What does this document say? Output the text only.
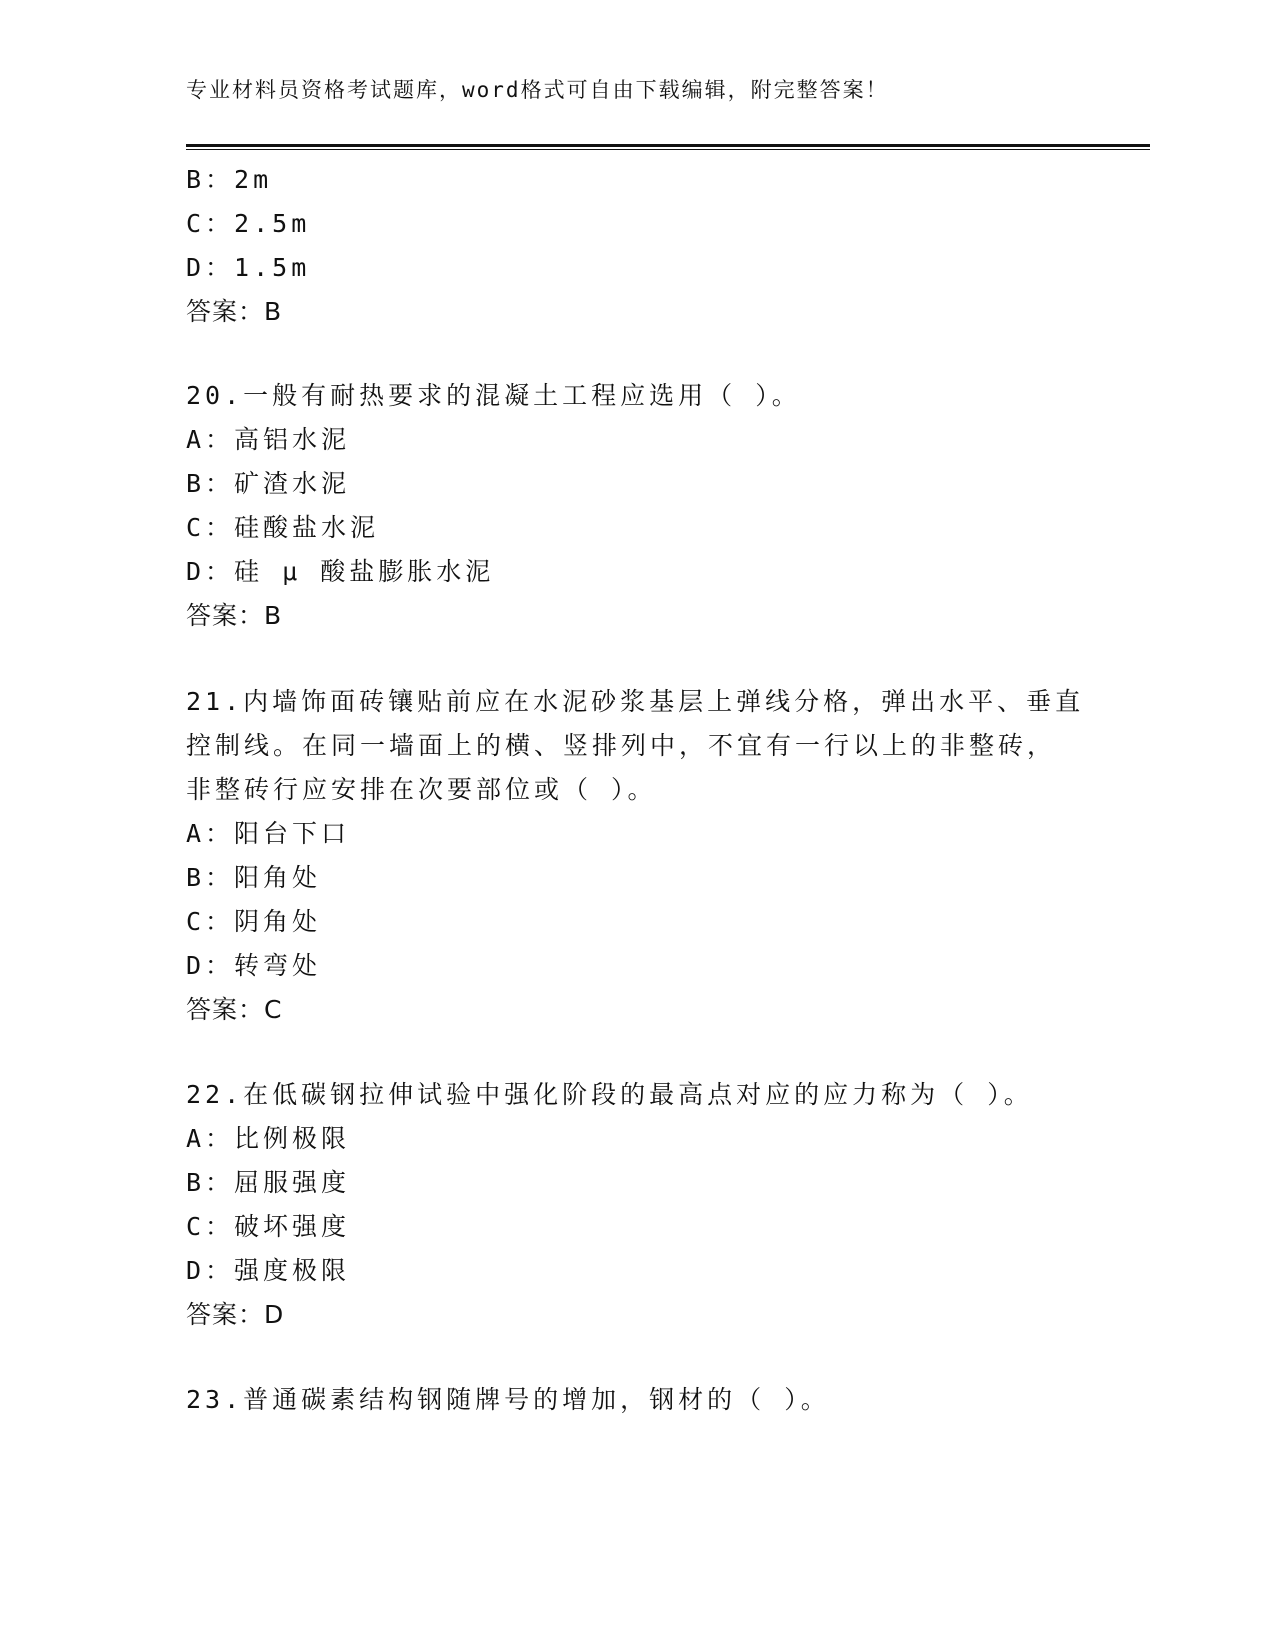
专业材料员资格考试题库，word格式可自由下载编辑，附完整答案！
B：2m
C：2.5m
D：1.5m
答案：B
20.一般有耐热要求的混凝土工程应选用（ ）。
A：高铝水泥
B：矿渣水泥
C：硅酸盐水泥
D：硅 μ 酸盐膨胀水泥
答案：B
21.内墙饰面砖镶贴前应在水泥砂浆基层上弹线分格，弹出水平、垂直
控制线。在同一墙面上的横、竖排列中，不宜有一行以上的非整砖，
非整砖行应安排在次要部位或（ ）。
A：阳台下口
B：阳角处
C：阴角处
D：转弯处
答案：C
22.在低碳钢拉伸试验中强化阶段的最高点对应的应力称为（ ）。
A：比例极限
B：屈服强度
C：破坏强度
D：强度极限
答案：D
23.普通碳素结构钢随牌号的增加，钢材的（ ）。
